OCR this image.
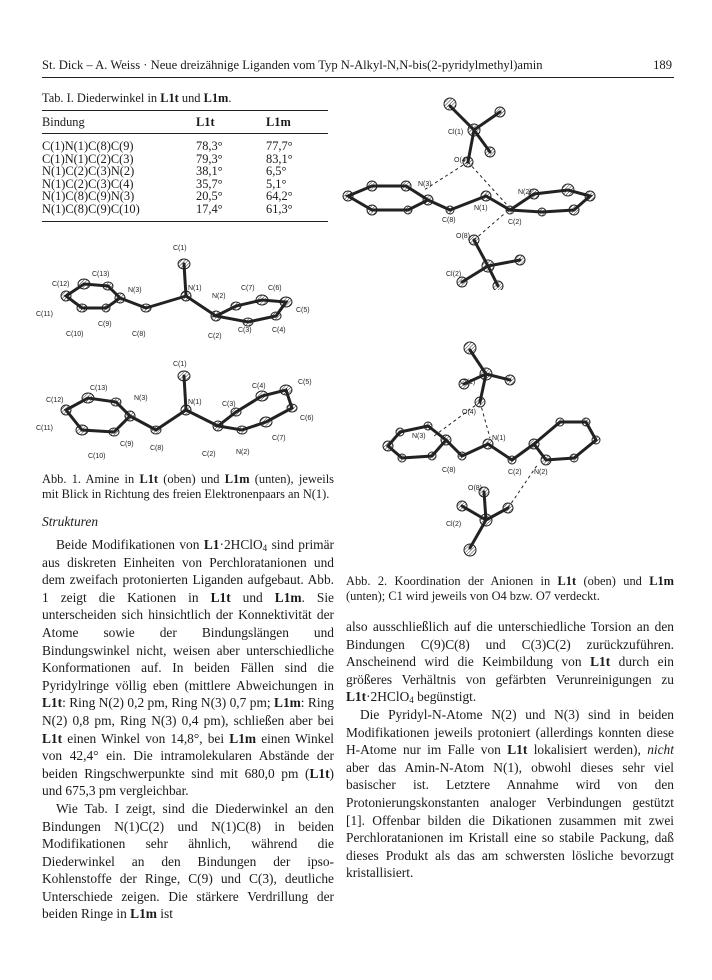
St. Dick – A. Weiss · Neue dreizähnige Liganden vom Typ N-Alkyl-N,N-bis(2-pyridylmethyl)amin	189
Tab. I. Diederwinkel in L1t und L1m.
Bindung	L1t	L1m
C(1)N(1)C(8)C(9)	78,3°	77,7°
C(1)N(1)C(2)C(3)	79,3°	83,1°
N(1)C(2)C(3)N(2)	38,1°	6,5°
N(1)C(2)C(3)C(4)	35,7°	5,1°
N(1)C(8)C(9)N(3)	20,5°	64,2°
N(1)C(8)C(9)C(10)	17,4°	61,3°
C(1)
C(13)
C(12)
N(3)	N(1)
N(2)
C(7) C(6)
C(11)
C(9)
C(5)
C(10)	C(8)
C(3)	C(4)
C(2)
C(1)
C(13)
N(3)
C(12)	N(1)
C(4)
C(5)
C(3)
C(11)
C(9)
C(8)
C(6)
C(7)
C(10)	C(2)	N(2)
Abb. 1. Amine in L1t (oben) und L1m (unten), jeweils mit Blick in Richtung des freien Elektronenpaars an N(1).
Strukturen

Beide Modifikationen von L1·2HClO$_4$ sind primär aus diskreten Einheiten von Perchloratanionen und dem zweifach protonierten Liganden aufgebaut. Abb. 1 zeigt die Kationen in L1t und L1m. Sie unterscheiden sich hinsichtlich der Konnektivität der Atome sowie der Bindungslängen und Bindungswinkel nicht, weisen aber unterschiedliche Konformationen auf. In beiden Fällen sind die Pyridylringe völlig eben (mittlere Abweichungen in L1t: Ring N(2) 0,2 pm, Ring N(3) 0,7 pm; L1m: Ring N(2) 0,8 pm, Ring N(3) 0,4 pm), schließen aber bei L1t einen Winkel von 14,8°, bei L1m einen Winkel von 42,4° ein. Die intramolekularen Abstände der beiden Ringschwerpunkte sind mit 680,0 pm (L1t) und 675,3 pm vergleichbar.

Wie Tab. I zeigt, sind die Diederwinkel an den Bindungen N(1)C(2) und N(1)C(8) in beiden Modifikationen sehr ähnlich, während die Diederwinkel an den Bindungen der ipso-Kohlenstoffe der Ringe, C(9) und C(3), deutliche Unterschiede zeigen. Die stärkere Verdrillung der beiden Ringe in L1m ist

Cl(1)
O(4)
N(3)
N(2)
N(1)
C(8)	C(2)
O(8)
Cl(2)
Cl(1)
O(4)
N(3)	N(1)
C(8)	C(2) N(2)
O(8)
Cl(2)
Abb. 2. Koordination der Anionen in L1t (oben) und L1m (unten); C1 wird jeweils von O4 bzw. O7 verdeckt.

also ausschließlich auf die unterschiedliche Torsion an den Bindungen C(9)C(8) und C(3)C(2) zurückzuführen. Anscheinend wird die Keimbildung von L1t durch ein größeres Verhältnis von gefärbten Verunreinigungen zu L1t·2HClO$_4$ begünstigt.

Die Pyridyl-N-Atome N(2) und N(3) sind in beiden Modifikationen jeweils protoniert (allerdings konnten diese H-Atome nur im Falle von L1t lokalisiert werden), nicht aber das Amin-N-Atom N(1), obwohl dieses sehr viel basischer ist. Letztere Annahme wird von den Protonierungskonstanten analoger Verbindungen gestützt [1]. Offenbar bilden die Dikationen zusammen mit zwei Perchloratanionen im Kristall eine so stabile Packung, daß dieses Produkt als das am schwersten lösliche bevorzugt kristallisiert.
